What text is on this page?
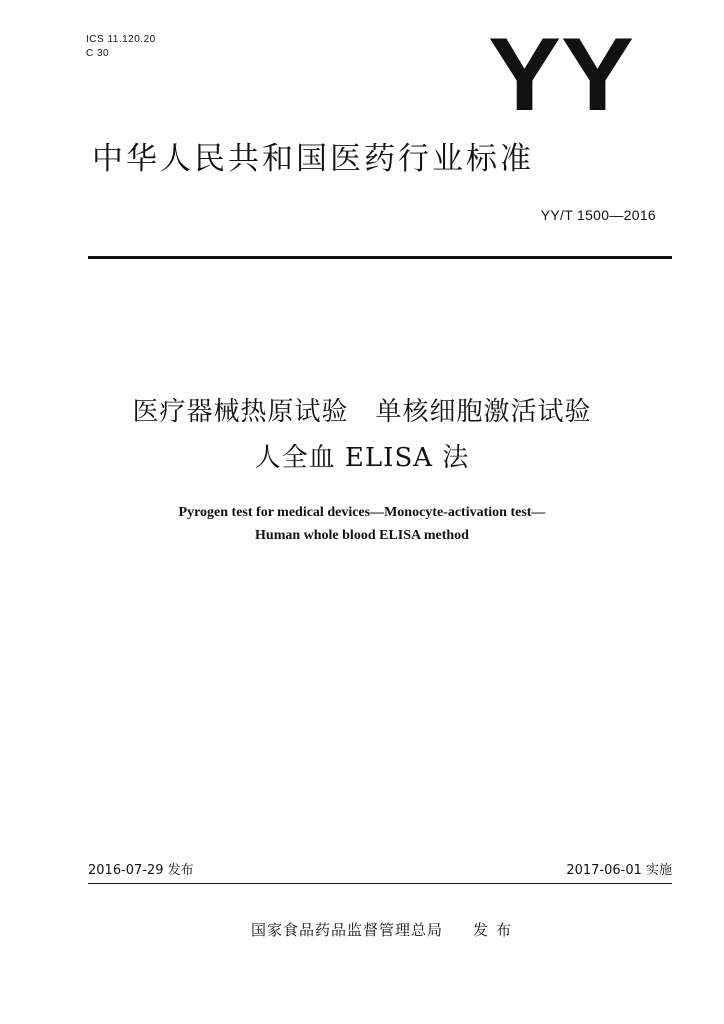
ICS 11.120.20
C 30	YY
中华人民共和国医药行业标准
YY/T 1500—2016
医疗器械热原试验　单核细胞激活试验
人全血 ELISA 法
Pyrogen test for medical devices—Monocyte-activation test—
Human whole blood ELISA method
2016-07-29 发布	2017-06-01 实施
国家食品药品监督管理总局 发布
